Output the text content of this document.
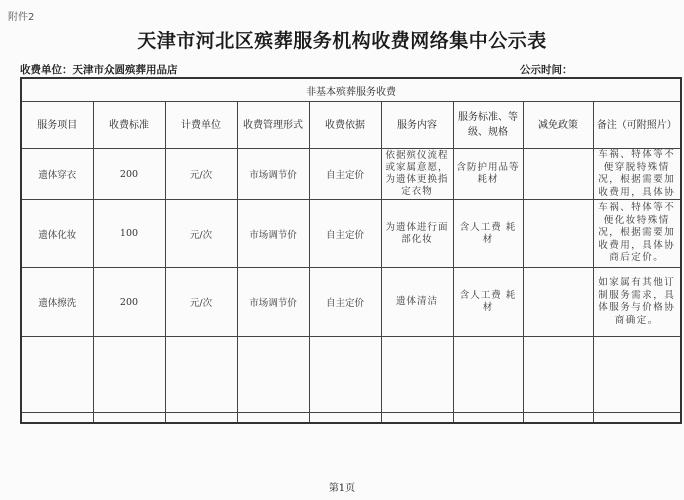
附件2
天津市河北区殡葬服务机构收费网络集中公示表
收费单位：天津市众圆殡葬用品店	公示时间：
非基本殡葬服务收费								
服务项目	收费标准	计费单位	收费管理形式	收费依据	服务内容	服务标准、等级、规格	减免政策	备注（可附照片）
遗体穿衣	200	元/次	市场调节价	自主定价	依据殡仪流程或家属意愿，为遗体更换指定衣物	含防护用品等耗材		车祸、特体等不便穿脱特殊情况，根据需要加收费用，具体协
遗体化妆	100	元/次	市场调节价	自主定价	为遗体进行面部化妆	含人工费 耗材		车祸、特体等不便化妆特殊情况，根据需要加收费用，具体协商后定价。
遗体擦洗	200	元/次	市场调节价	自主定价	遗体清洁	含人工费 耗材		如家属有其他订制服务需求，具体服务与价格协商确定。

第1页
